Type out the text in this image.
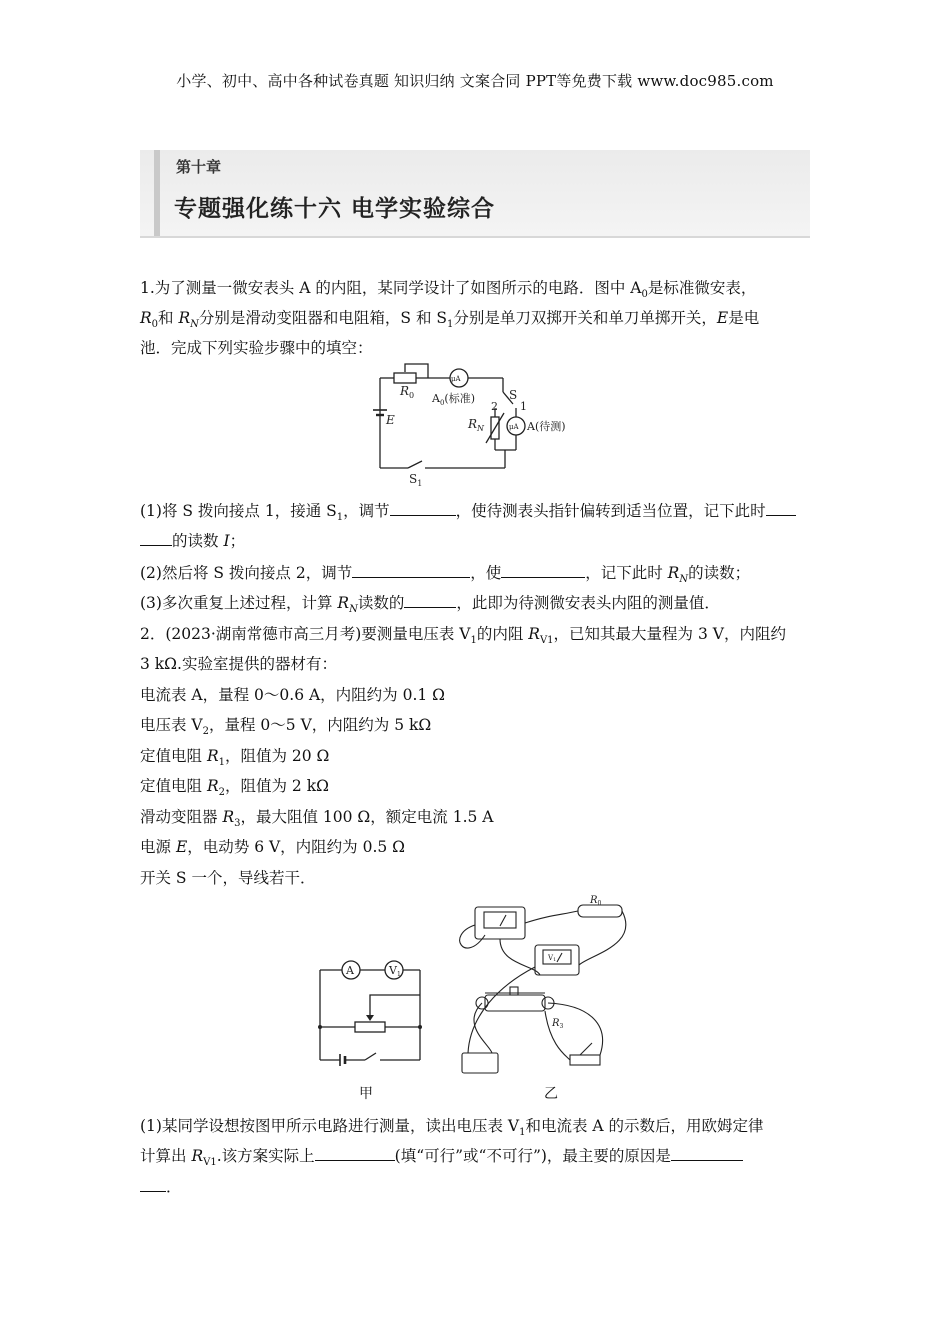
小学、初中、高中各种试卷真题 知识归纳 文案合同 PPT等免费下载 www.doc985.com
第十章
专题强化练十六 电学实验综合
1.为了测量一微安表头 A 的内阻，某同学设计了如图所示的电路．图中 $A_0$是标准微安表，
$R_0$和 $R_N$分别是滑动变阻器和电阻箱，S 和 $S_1$分别是单刀双掷开关和单刀单掷开关，E是电
池．完成下列实验步骤中的填空：
$R_0$
μA
$A_0$(标准)
E
S
1
2
$R_N$	μA A(待测)
$S_1$
(1)将 S 拨向接点 1，接通 $S_1$，调节	，使待测表头指针偏转到适当位置，记下此时
的读数 I；
(2)然后将 S 拨向接点 2，调节	，使	，记下此时 $R_N$的读数；
(3)多次重复上述过程，计算 $R_N$读数的	，此即为待测微安表头内阻的测量值．
2．(2023·湖南常德市高三月考)要测量电压表 $V_1$的内阻 $R_{V1}$，已知其最大量程为 3 V，内阻约
3 kΩ.实验室提供的器材有：
电流表 A，量程 0～0.6 A，内阻约为 0.1 Ω
电压表 $V_2$，量程 0～5 V，内阻约为 5 kΩ
定值电阻 $R_1$，阻值为 20 Ω
定值电阻 $R_2$，阻值为 2 kΩ
滑动变阻器 $R_3$，最大阻值 100 Ω，额定电流 1.5 A
电源 E，电动势 6 V，内阻约为 0.5 Ω
开关 S 一个，导线若干．
A	V1
甲
$R_0$
$R_3$
V1
乙
(1)某同学设想按图甲所示电路进行测量，读出电压表 $V_1$和电流表 A 的示数后，用欧姆定律
计算出 $R_{V1}$.该方案实际上	(填“可行”或“不可行”)，最主要的原因是
．
